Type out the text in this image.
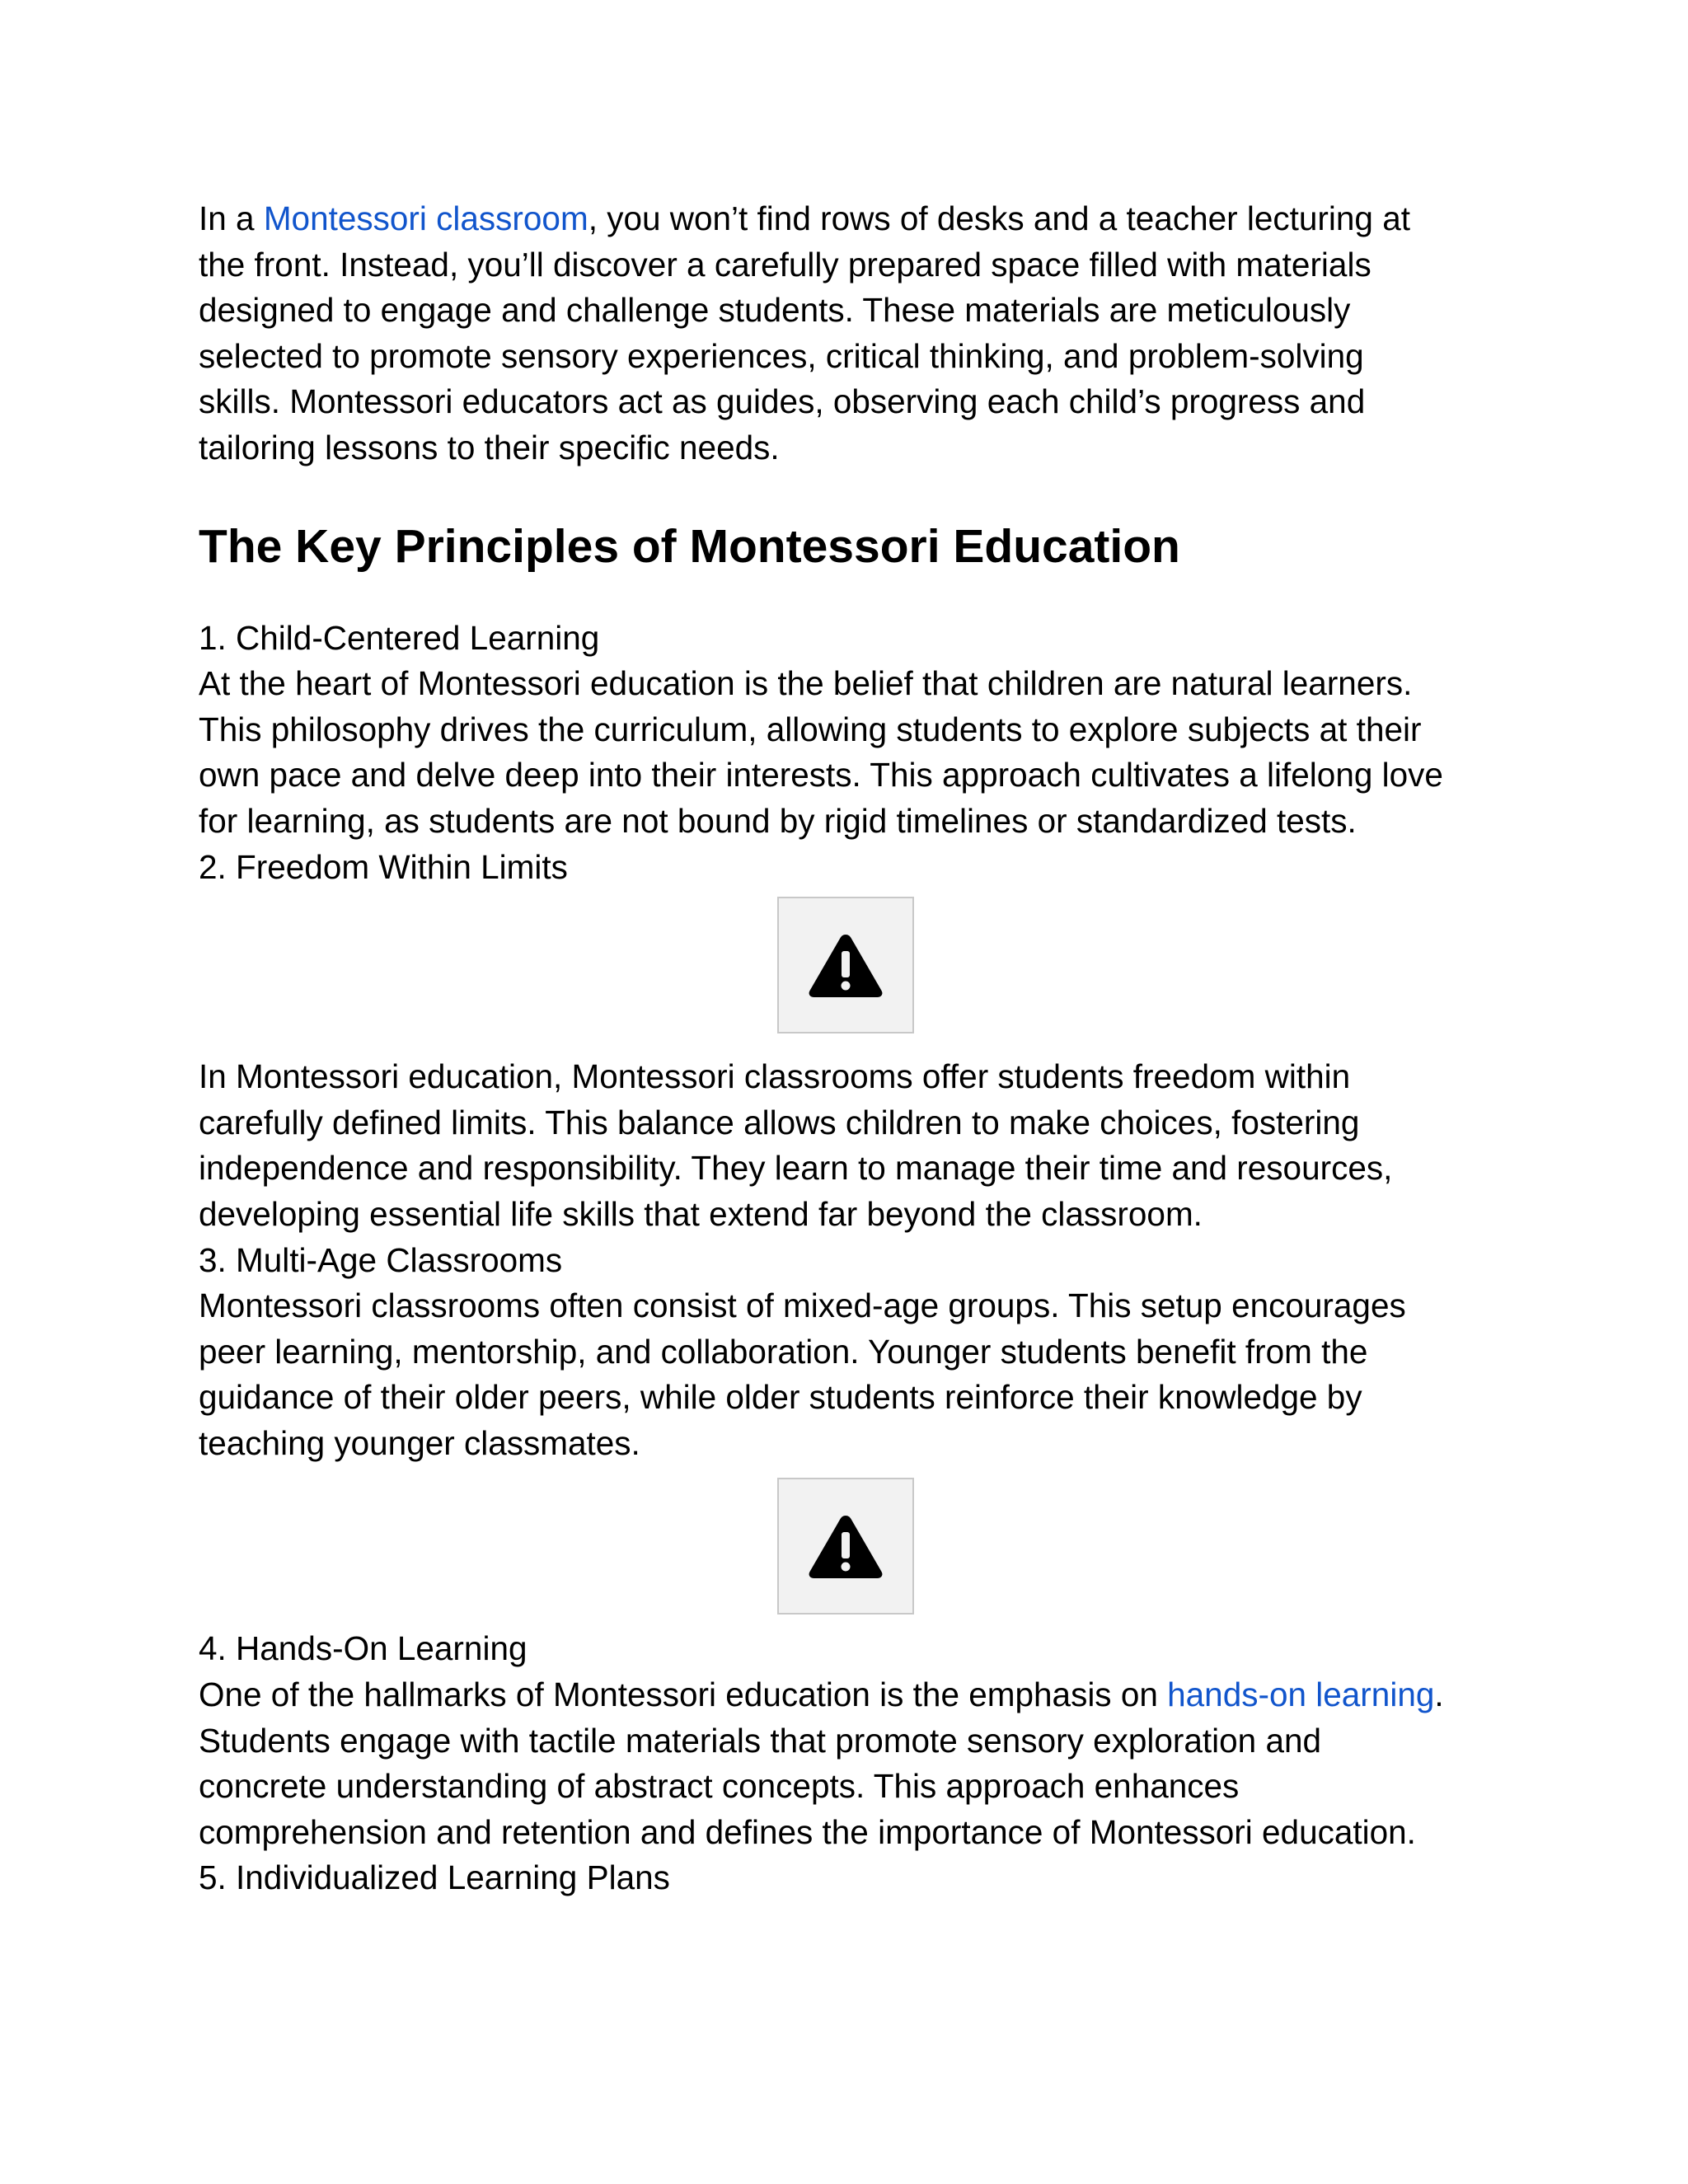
In a Montessori classroom, you won’t find rows of desks and a teacher lecturing at
the front. Instead, you’ll discover a carefully prepared space filled with materials
designed to engage and challenge students. These materials are meticulously
selected to promote sensory experiences, critical thinking, and problem-solving
skills. Montessori educators act as guides, observing each child’s progress and
tailoring lessons to their specific needs.

The Key Principles of Montessori Education

1. Child-Centered Learning

At the heart of Montessori education is the belief that children are natural learners.
This philosophy drives the curriculum, allowing students to explore subjects at their
own pace and delve deep into their interests. This approach cultivates a lifelong love
for learning, as students are not bound by rigid timelines or standardized tests.

2. Freedom Within Limits

In Montessori education, Montessori classrooms offer students freedom within
carefully defined limits. This balance allows children to make choices, fostering
independence and responsibility. They learn to manage their time and resources,
developing essential life skills that extend far beyond the classroom.

3. Multi-Age Classrooms

Montessori classrooms often consist of mixed-age groups. This setup encourages
peer learning, mentorship, and collaboration. Younger students benefit from the
guidance of their older peers, while older students reinforce their knowledge by
teaching younger classmates.

4. Hands-On Learning

One of the hallmarks of Montessori education is the emphasis on hands-on learning.
Students engage with tactile materials that promote sensory exploration and
concrete understanding of abstract concepts. This approach enhances
comprehension and retention and defines the importance of Montessori education.

5. Individualized Learning Plans
